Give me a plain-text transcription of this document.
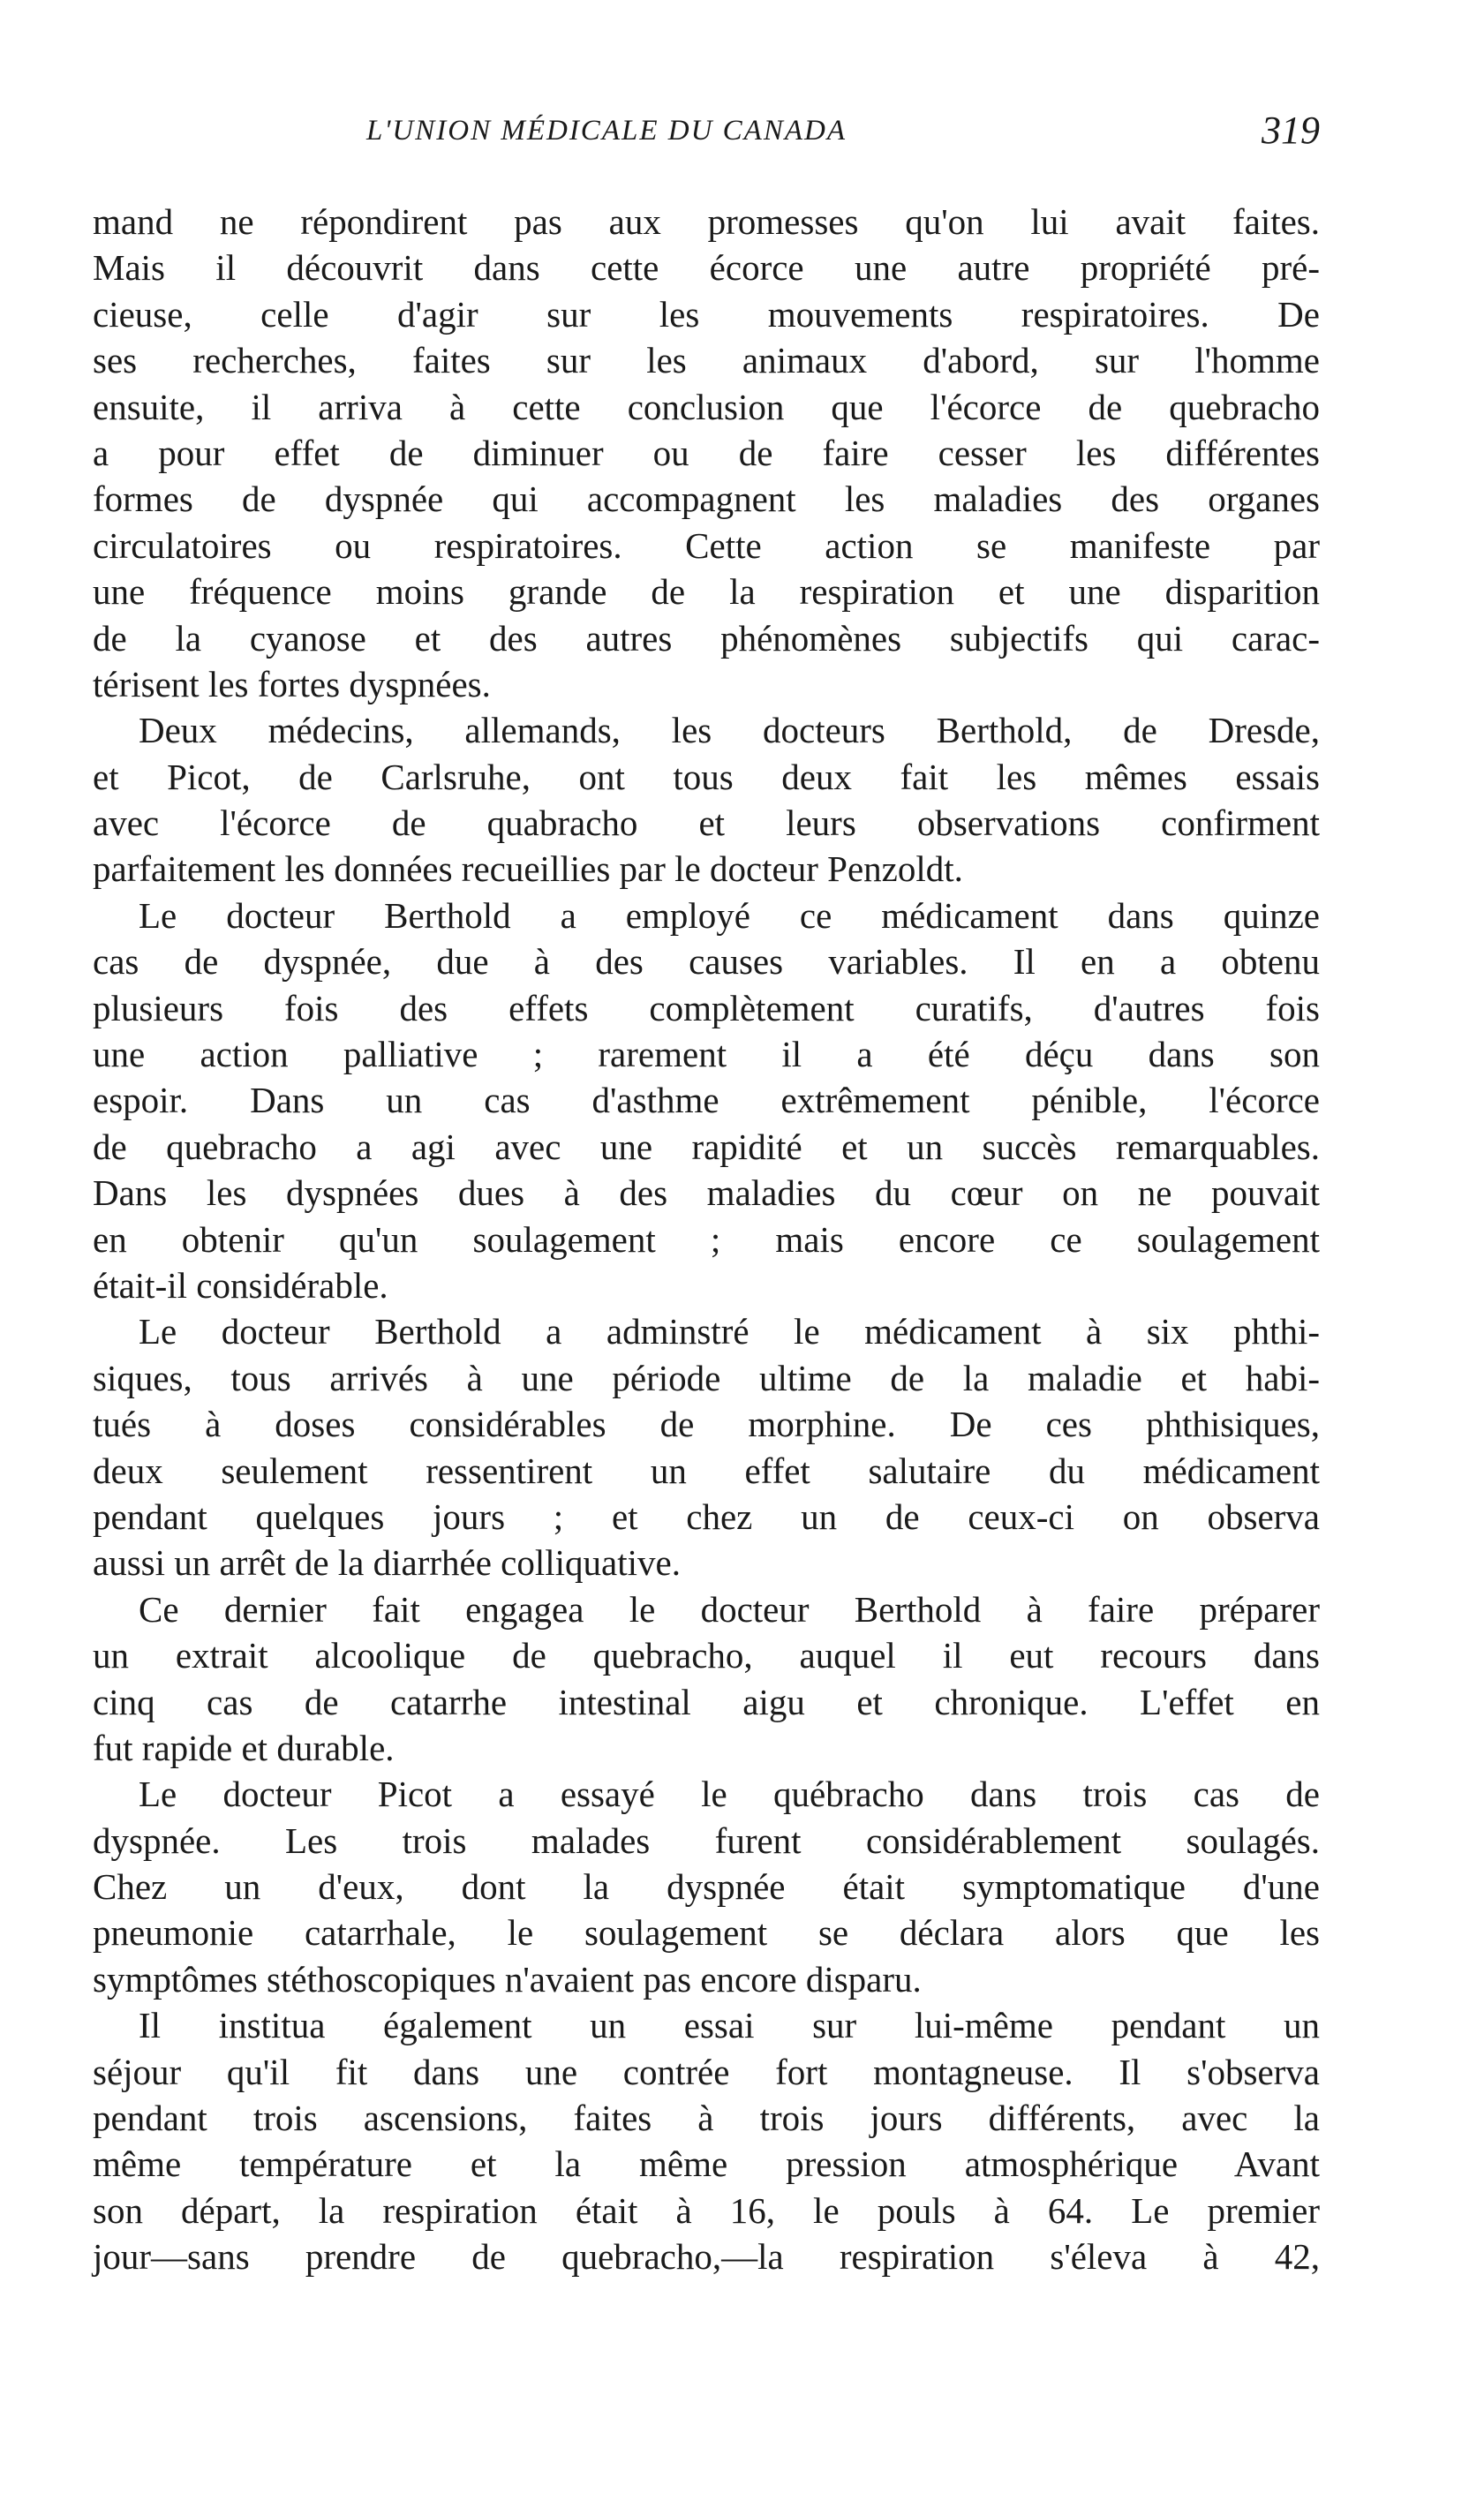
L'UNION MÉDICALE DU CANADA	319
mand ne répondirent pas aux promesses qu'on lui avait faites.
Mais il découvrit dans cette écorce une autre propriété pré-
cieuse, celle d'agir sur les mouvements respiratoires. De
ses recherches, faites sur les animaux d'abord, sur l'homme
ensuite, il arriva à cette conclusion que l'écorce de quebracho
a pour effet de diminuer ou de faire cesser les différentes
formes de dyspnée qui accompagnent les maladies des organes
circulatoires ou respiratoires. Cette action se manifeste par
une fréquence moins grande de la respiration et une disparition
de la cyanose et des autres phénomènes subjectifs qui carac-
térisent les fortes dyspnées.
Deux médecins, allemands, les docteurs Berthold, de Dresde,
et Picot, de Carlsruhe, ont tous deux fait les mêmes essais
avec l'écorce de quabracho et leurs observations confirment
parfaitement les données recueillies par le docteur Penzoldt.
Le docteur Berthold a employé ce médicament dans quinze
cas de dyspnée, due à des causes variables. Il en a obtenu
plusieurs fois des effets complètement curatifs, d'autres fois
une action palliative ; rarement il a été déçu dans son
espoir. Dans un cas d'asthme extrêmement pénible, l'écorce
de quebracho a agi avec une rapidité et un succès remarquables.
Dans les dyspnées dues à des maladies du cœur on ne pouvait
en obtenir qu'un soulagement ; mais encore ce soulagement
était-il considérable.
Le docteur Berthold a adminstré le médicament à six phthi-
siques, tous arrivés à une période ultime de la maladie et habi-
tués à doses considérables de morphine. De ces phthisiques,
deux seulement ressentirent un effet salutaire du médicament
pendant quelques jours ; et chez un de ceux-ci on observa
aussi un arrêt de la diarrhée colliquative.
Ce dernier fait engagea le docteur Berthold à faire préparer
un extrait alcoolique de quebracho, auquel il eut recours dans
cinq cas de catarrhe intestinal aigu et chronique. L'effet en
fut rapide et durable.
Le docteur Picot a essayé le québracho dans trois cas de
dyspnée. Les trois malades furent considérablement soulagés.
Chez un d'eux, dont la dyspnée était symptomatique d'une
pneumonie catarrhale, le soulagement se déclara alors que les
symptômes stéthoscopiques n'avaient pas encore disparu.
Il institua également un essai sur lui-même pendant un
séjour qu'il fit dans une contrée fort montagneuse. Il s'observa
pendant trois ascensions, faites à trois jours différents, avec la
même température et la même pression atmosphérique Avant
son départ, la respiration était à 16, le pouls à 64. Le premier
jour—sans prendre de quebracho,—la respiration s'éleva à 42,
